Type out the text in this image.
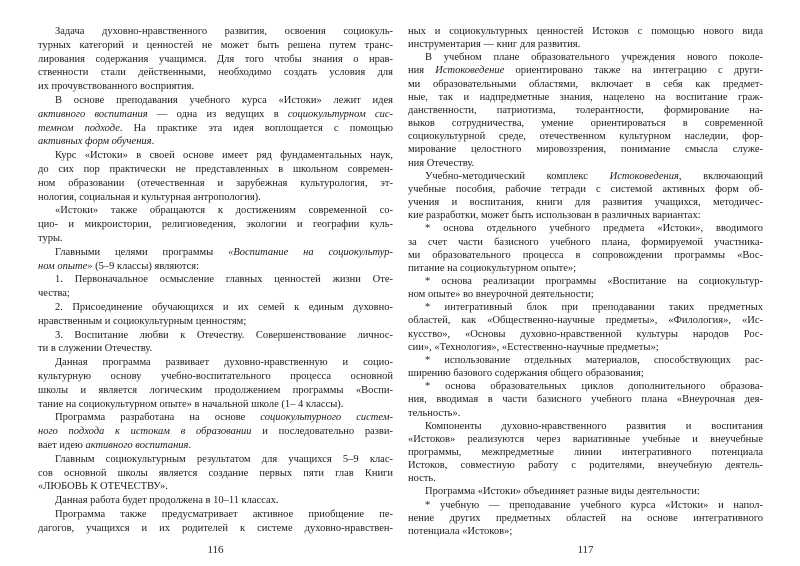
Задача духовно-нравственного развития, освоения социокуль-
турных категорий и ценностей не может быть решена путем транс-
лирования содержания учащимся. Для того чтобы знания о нрав-
ственности стали действенными, необходимо создать условия для
их прочувствованного восприятия.
В основе преподавания учебного курса «Истоки» лежит идея
активного воспитания — одна из ведущих в социокультурном сис-
темном подходе. На практике эта идея воплощается с помощью
активных форм обучения.
Курс «Истоки» в своей основе имеет ряд фундаментальных наук,
до сих пор практически не представленных в школьном современ-
ном образовании (отечественная и зарубежная культурология, эт-
нология, социальная и культурная антропология).
«Истоки» также обращаются к достижениям современной со-
цио- и микроистории, религиоведения, экологии и географии куль-
туры.
Главными целями программы «Воспитание на социокультур-
ном опыте» (5–9 классы) являются:
1. Первоначальное осмысление главных ценностей жизни Оте-
чества;
2. Присоединение обучающихся и их семей к единым духовно-
нравственным и социокультурным ценностям;
3. Воспитание любви к Отечеству. Совершенствование личнос-
ти в служении Отечеству.
Данная программа развивает духовно-нравственную и социо-
культурную основу учебно-воспитательного процесса основной
школы и является логическим продолжением программы «Воспи-
тание на социокультурном опыте» в начальной школе (1– 4 классы).
Программа разработана на основе социокультурного систем-
ного подхода к истокам в образовании и последовательно разви-
вает идею активного воспитания.
Главным социокультурным результатом для учащихся 5–9 клас-
сов основной школы является создание первых пяти глав Книги
«ЛЮБОВЬ К ОТЕЧЕСТВУ».
Данная работа будет продолжена в 10–11 классах.
Программа также предусматривает активное приобщение пе-
дагогов, учащихся и их родителей к системе духовно-нравствен-
116
ных и социокультурных ценностей Истоков с помощью нового вида
инструментария — книг для развития.
В учебном плане образовательного учреждения нового поколе-
ния Истоковедение ориентировано также на интеграцию с други-
ми образовательными областями, включает в себя как предмет-
ные, так и надпредметные знания, нацелено на воспитание граж-
данственности, патриотизма, толерантности, формирование на-
выков сотрудничества, умение ориентироваться в современной
социокультурной среде, отечественном культурном наследии, фор-
мирование целостного мировоззрения, понимание смысла служе-
ния Отечеству.
Учебно-методический комплекс Истоковедения, включающий
учебные пособия, рабочие тетради с системой активных форм об-
учения и воспитания, книги для развития учащихся, методичес-
кие разработки, может быть использован в различных вариантах:
* основа отдельного учебного предмета «Истоки», вводимого
за счет части базисного учебного плана, формируемой участника-
ми образовательного процесса в сопровождении программы «Вос-
питание на социокультурном опыте»;
* основа реализации программы «Воспитание на социокультур-
ном опыте» во внеурочной деятельности;
* интегративный блок при преподавании таких предметных
областей, как «Общественно-научные предметы», «Филология», «Ис-
кусство», «Основы духовно-нравственной культуры народов Рос-
сии», «Технология», «Естественно-научные предметы»;
* использование отдельных материалов, способствующих рас-
ширению базового содержания общего образования;
* основа образовательных циклов дополнительного образова-
ния, вводимая в части базисного учебного плана «Внеурочная дея-
тельность».
Компоненты духовно-нравственного развития и воспитания
«Истоков» реализуются через вариативные учебные и внеучебные
программы, межпредметные линии интегративного потенциала
Истоков, совместную работу с родителями, внеучебную деятель-
ность.
Программа «Истоки» объединяет разные виды деятельности:
* учебную — преподавание учебного курса «Истоки» и напол-
нение других предметных областей на основе интегративного
потенциала «Истоков»;
117
